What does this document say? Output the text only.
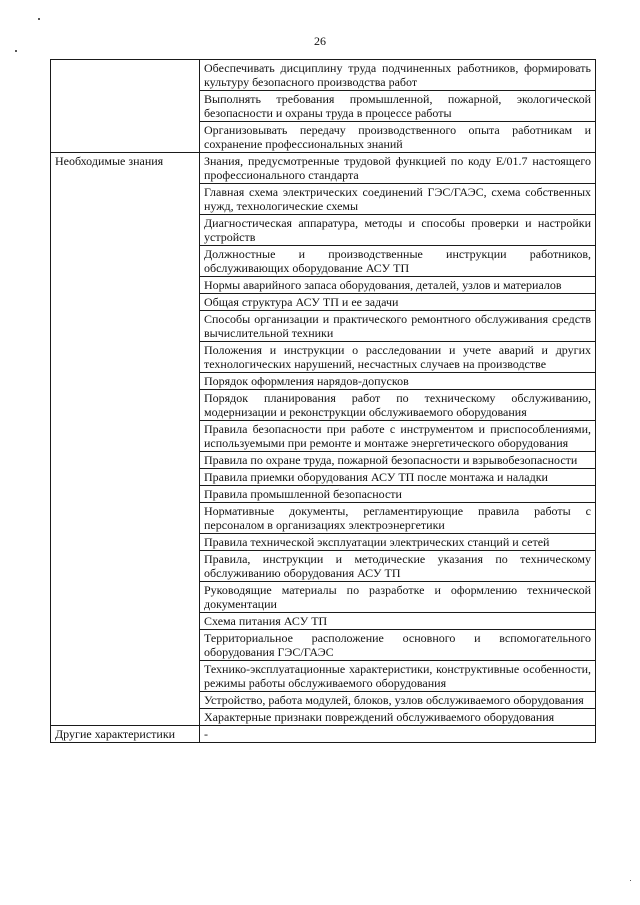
26
	Обеспечивать дисциплину труда подчиненных работников, формировать культуру безопасного производства работ
	Выполнять требования промышленной, пожарной, экологической безопасности и охраны труда в процессе работы
	Организовывать передачу производственного опыта работникам и сохранение профессиональных знаний
Необходимые знания	Знания, предусмотренные трудовой функцией по коду E/01.7 настоящего профессионального стандарта
	Главная схема электрических соединений ГЭС/ГАЭС, схема собственных нужд, технологические схемы
	Диагностическая аппаратура, методы и способы проверки и настройки устройств
	Должностные и производственные инструкции работников, обслуживающих оборудование АСУ ТП
	Нормы аварийного запаса оборудования, деталей, узлов и материалов
	Общая структура АСУ ТП и ее задачи
	Способы организации и практического ремонтного обслуживания средств вычислительной техники
	Положения и инструкции о расследовании и учете аварий и других технологических нарушений, несчастных случаев на производстве
	Порядок оформления нарядов-допусков
	Порядок планирования работ по техническому обслуживанию, модернизации и реконструкции обслуживаемого оборудования
	Правила безопасности при работе с инструментом и приспособлениями, используемыми при ремонте и монтаже энергетического оборудования
	Правила по охране труда, пожарной безопасности и взрывобезопасности
	Правила приемки оборудования АСУ ТП после монтажа и наладки
	Правила промышленной безопасности
	Нормативные документы, регламентирующие правила работы с персоналом в организациях электроэнергетики
	Правила технической эксплуатации электрических станций и сетей
	Правила, инструкции и методические указания по техническому обслуживанию оборудования АСУ ТП
	Руководящие материалы по разработке и оформлению технической документации
	Схема питания АСУ ТП
	Территориальное расположение основного и вспомогательного оборудования ГЭС/ГАЭС
	Технико-эксплуатационные характеристики, конструктивные особенности, режимы работы обслуживаемого оборудования
	Устройство, работа модулей, блоков, узлов обслуживаемого оборудования
	Характерные признаки повреждений обслуживаемого оборудования
Другие характеристики	-
